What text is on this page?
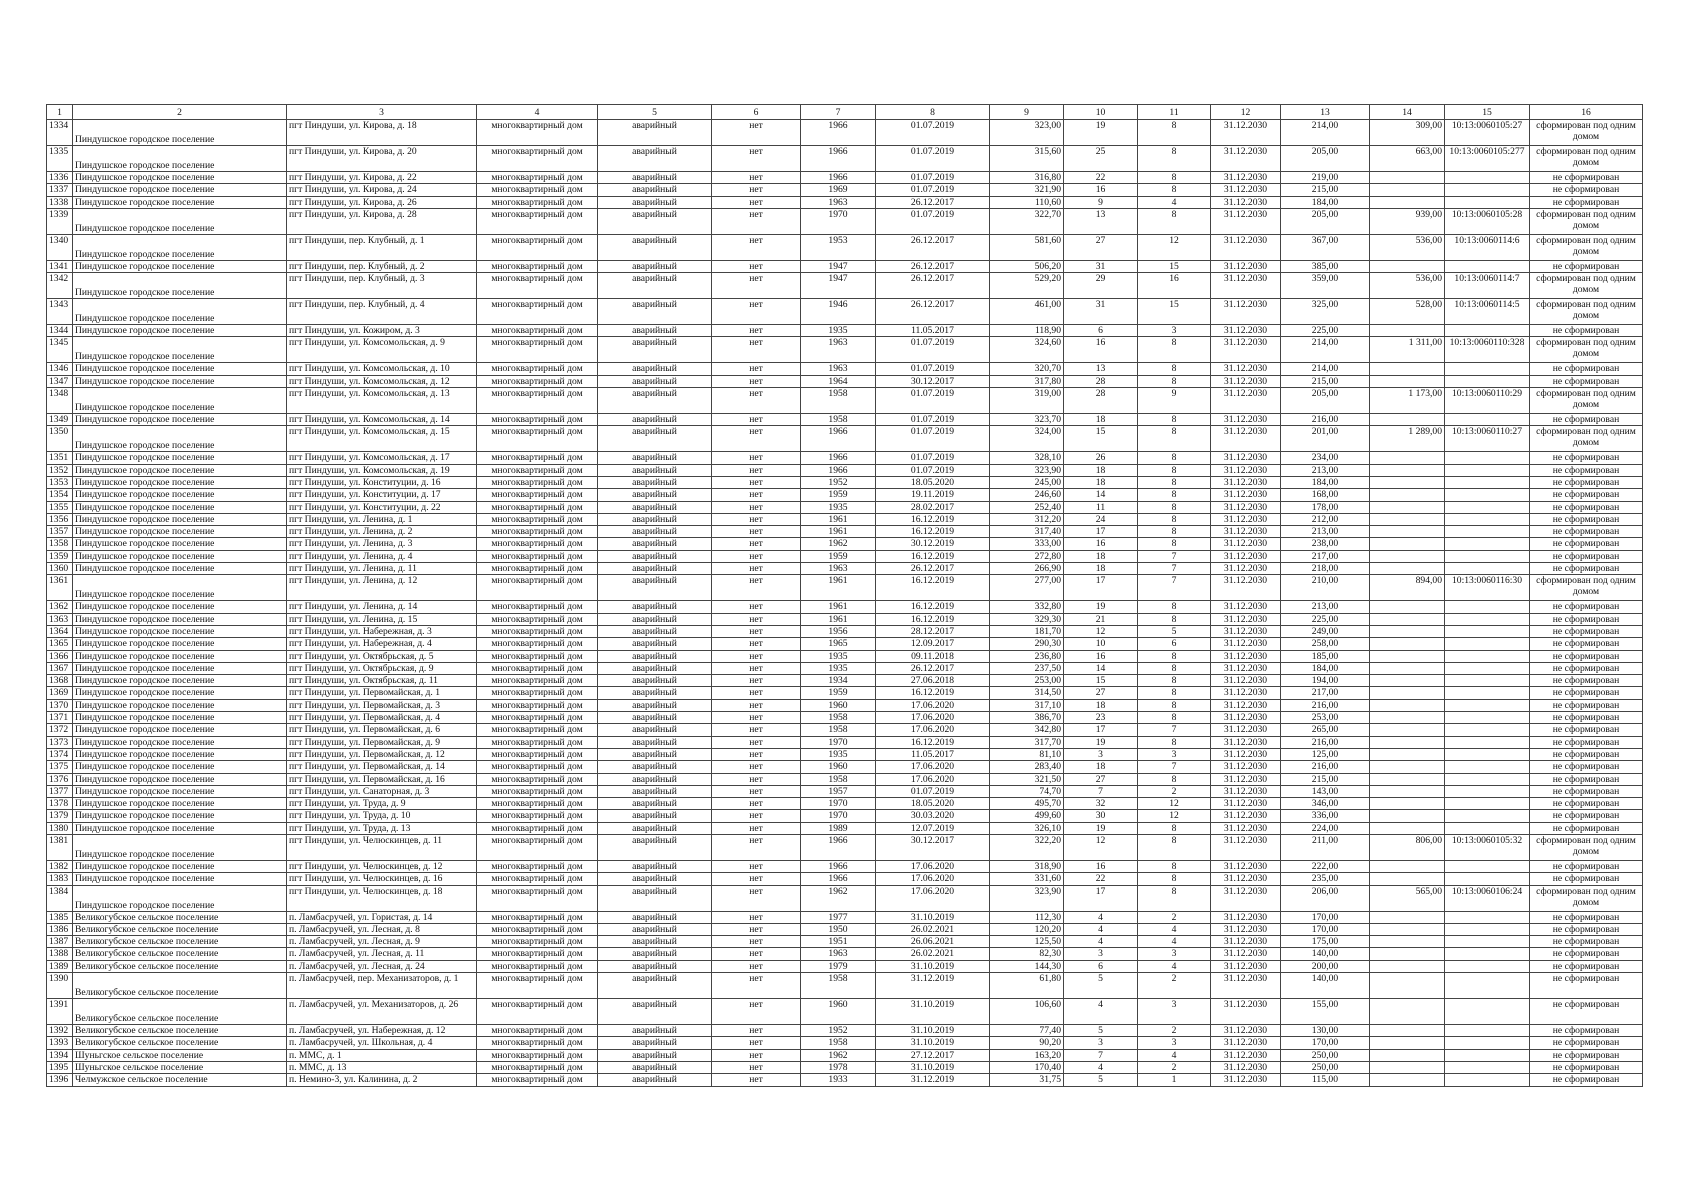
1	2	3	4	5	6	7	8	9	10	11	12	13	14	15	16
1334	Пиндушское городское поселение	пгт Пиндуши, ул. Кирова, д. 18	многоквартирный дом	аварийный	нет	1966	01.07.2019	323,00	19	8	31.12.2030	214,00	309,00	10:13:0060105:27	сформирован под одним домом
1335	Пиндушское городское поселение	пгт Пиндуши, ул. Кирова, д. 20	многоквартирный дом	аварийный	нет	1966	01.07.2019	315,60	25	8	31.12.2030	205,00	663,00	10:13:0060105:277	сформирован под одним домом
1336	Пиндушское городское поселение	пгт Пиндуши, ул. Кирова, д. 22	многоквартирный дом	аварийный	нет	1966	01.07.2019	316,80	22	8	31.12.2030	219,00			не сформирован
1337	Пиндушское городское поселение	пгт Пиндуши, ул. Кирова, д. 24	многоквартирный дом	аварийный	нет	1969	01.07.2019	321,90	16	8	31.12.2030	215,00			не сформирован
1338	Пиндушское городское поселение	пгт Пиндуши, ул. Кирова, д. 26	многоквартирный дом	аварийный	нет	1963	26.12.2017	110,60	9	4	31.12.2030	184,00			не сформирован
1339	Пиндушское городское поселение	пгт Пиндуши, ул. Кирова, д. 28	многоквартирный дом	аварийный	нет	1970	01.07.2019	322,70	13	8	31.12.2030	205,00	939,00	10:13:0060105:28	сформирован под одним домом
1340	Пиндушское городское поселение	пгт Пиндуши, пер. Клубный, д. 1	многоквартирный дом	аварийный	нет	1953	26.12.2017	581,60	27	12	31.12.2030	367,00	536,00	10:13:0060114:6	сформирован под одним домом
1341	Пиндушское городское поселение	пгт Пиндуши, пер. Клубный, д. 2	многоквартирный дом	аварийный	нет	1947	26.12.2017	506,20	31	15	31.12.2030	385,00			не сформирован
1342	Пиндушское городское поселение	пгт Пиндуши, пер. Клубный, д. 3	многоквартирный дом	аварийный	нет	1947	26.12.2017	529,20	29	16	31.12.2030	359,00	536,00	10:13:0060114:7	сформирован под одним домом
1343	Пиндушское городское поселение	пгт Пиндуши, пер. Клубный, д. 4	многоквартирный дом	аварийный	нет	1946	26.12.2017	461,00	31	15	31.12.2030	325,00	528,00	10:13:0060114:5	сформирован под одним домом
1344	Пиндушское городское поселение	пгт Пиндуши, ул. Кожиром, д. 3	многоквартирный дом	аварийный	нет	1935	11.05.2017	118,90	6	3	31.12.2030	225,00			не сформирован
1345	Пиндушское городское поселение	пгт Пиндуши, ул. Комсомольская, д. 9	многоквартирный дом	аварийный	нет	1963	01.07.2019	324,60	16	8	31.12.2030	214,00	1 311,00	10:13:0060110:328	сформирован под одним домом
1346	Пиндушское городское поселение	пгт Пиндуши, ул. Комсомольская, д. 10	многоквартирный дом	аварийный	нет	1963	01.07.2019	320,70	13	8	31.12.2030	214,00			не сформирован
1347	Пиндушское городское поселение	пгт Пиндуши, ул. Комсомольская, д. 12	многоквартирный дом	аварийный	нет	1964	30.12.2017	317,80	28	8	31.12.2030	215,00			не сформирован
1348	Пиндушское городское поселение	пгт Пиндуши, ул. Комсомольская, д. 13	многоквартирный дом	аварийный	нет	1958	01.07.2019	319,00	28	9	31.12.2030	205,00	1 173,00	10:13:0060110:29	сформирован под одним домом
1349	Пиндушское городское поселение	пгт Пиндуши, ул. Комсомольская, д. 14	многоквартирный дом	аварийный	нет	1958	01.07.2019	323,70	18	8	31.12.2030	216,00			не сформирован
1350	Пиндушское городское поселение	пгт Пиндуши, ул. Комсомольская, д. 15	многоквартирный дом	аварийный	нет	1966	01.07.2019	324,00	15	8	31.12.2030	201,00	1 289,00	10:13:0060110:27	сформирован под одним домом
1351	Пиндушское городское поселение	пгт Пиндуши, ул. Комсомольская, д. 17	многоквартирный дом	аварийный	нет	1966	01.07.2019	328,10	26	8	31.12.2030	234,00			не сформирован
1352	Пиндушское городское поселение	пгт Пиндуши, ул. Комсомольская, д. 19	многоквартирный дом	аварийный	нет	1966	01.07.2019	323,90	18	8	31.12.2030	213,00			не сформирован
1353	Пиндушское городское поселение	пгт Пиндуши, ул. Конституции, д. 16	многоквартирный дом	аварийный	нет	1952	18.05.2020	245,00	18	8	31.12.2030	184,00			не сформирован
1354	Пиндушское городское поселение	пгт Пиндуши, ул. Конституции, д. 17	многоквартирный дом	аварийный	нет	1959	19.11.2019	246,60	14	8	31.12.2030	168,00			не сформирован
1355	Пиндушское городское поселение	пгт Пиндуши, ул. Конституции, д. 22	многоквартирный дом	аварийный	нет	1935	28.02.2017	252,40	11	8	31.12.2030	178,00			не сформирован
1356	Пиндушское городское поселение	пгт Пиндуши, ул. Ленина, д. 1	многоквартирный дом	аварийный	нет	1961	16.12.2019	312,20	24	8	31.12.2030	212,00			не сформирован
1357	Пиндушское городское поселение	пгт Пиндуши, ул. Ленина, д. 2	многоквартирный дом	аварийный	нет	1961	16.12.2019	317,40	17	8	31.12.2030	213,00			не сформирован
1358	Пиндушское городское поселение	пгт Пиндуши, ул. Ленина, д. 3	многоквартирный дом	аварийный	нет	1962	30.12.2019	333,00	16	8	31.12.2030	238,00			не сформирован
1359	Пиндушское городское поселение	пгт Пиндуши, ул. Ленина, д. 4	многоквартирный дом	аварийный	нет	1959	16.12.2019	272,80	18	7	31.12.2030	217,00			не сформирован
1360	Пиндушское городское поселение	пгт Пиндуши, ул. Ленина, д. 11	многоквартирный дом	аварийный	нет	1963	26.12.2017	266,90	18	7	31.12.2030	218,00			не сформирован
1361	Пиндушское городское поселение	пгт Пиндуши, ул. Ленина, д. 12	многоквартирный дом	аварийный	нет	1961	16.12.2019	277,00	17	7	31.12.2030	210,00	894,00	10:13:0060116:30	сформирован под одним домом
1362	Пиндушское городское поселение	пгт Пиндуши, ул. Ленина, д. 14	многоквартирный дом	аварийный	нет	1961	16.12.2019	332,80	19	8	31.12.2030	213,00			не сформирован
1363	Пиндушское городское поселение	пгт Пиндуши, ул. Ленина, д. 15	многоквартирный дом	аварийный	нет	1961	16.12.2019	329,30	21	8	31.12.2030	225,00			не сформирован
1364	Пиндушское городское поселение	пгт Пиндуши, ул. Набережная, д. 3	многоквартирный дом	аварийный	нет	1956	28.12.2017	181,70	12	5	31.12.2030	249,00			не сформирован
1365	Пиндушское городское поселение	пгт Пиндуши, ул. Набережная, д. 4	многоквартирный дом	аварийный	нет	1965	12.09.2017	290,30	10	6	31.12.2030	258,00			не сформирован
1366	Пиндушское городское поселение	пгт Пиндуши, ул. Октябрьская, д. 5	многоквартирный дом	аварийный	нет	1935	09.11.2018	236,80	16	8	31.12.2030	185,00			не сформирован
1367	Пиндушское городское поселение	пгт Пиндуши, ул. Октябрьская, д. 9	многоквартирный дом	аварийный	нет	1935	26.12.2017	237,50	14	8	31.12.2030	184,00			не сформирован
1368	Пиндушское городское поселение	пгт Пиндуши, ул. Октябрьская, д. 11	многоквартирный дом	аварийный	нет	1934	27.06.2018	253,00	15	8	31.12.2030	194,00			не сформирован
1369	Пиндушское городское поселение	пгт Пиндуши, ул. Первомайская, д. 1	многоквартирный дом	аварийный	нет	1959	16.12.2019	314,50	27	8	31.12.2030	217,00			не сформирован
1370	Пиндушское городское поселение	пгт Пиндуши, ул. Первомайская, д. 3	многоквартирный дом	аварийный	нет	1960	17.06.2020	317,10	18	8	31.12.2030	216,00			не сформирован
1371	Пиндушское городское поселение	пгт Пиндуши, ул. Первомайская, д. 4	многоквартирный дом	аварийный	нет	1958	17.06.2020	386,70	23	8	31.12.2030	253,00			не сформирован
1372	Пиндушское городское поселение	пгт Пиндуши, ул. Первомайская, д. 6	многоквартирный дом	аварийный	нет	1958	17.06.2020	342,80	17	7	31.12.2030	265,00			не сформирован
1373	Пиндушское городское поселение	пгт Пиндуши, ул. Первомайская, д. 9	многоквартирный дом	аварийный	нет	1970	16.12.2019	317,70	19	8	31.12.2030	216,00			не сформирован
1374	Пиндушское городское поселение	пгт Пиндуши, ул. Первомайская, д. 12	многоквартирный дом	аварийный	нет	1935	11.05.2017	81,10	3	3	31.12.2030	125,00			не сформирован
1375	Пиндушское городское поселение	пгт Пиндуши, ул. Первомайская, д. 14	многоквартирный дом	аварийный	нет	1960	17.06.2020	283,40	18	7	31.12.2030	216,00			не сформирован
1376	Пиндушское городское поселение	пгт Пиндуши, ул. Первомайская, д. 16	многоквартирный дом	аварийный	нет	1958	17.06.2020	321,50	27	8	31.12.2030	215,00			не сформирован
1377	Пиндушское городское поселение	пгт Пиндуши, ул. Санаторная, д. 3	многоквартирный дом	аварийный	нет	1957	01.07.2019	74,70	7	2	31.12.2030	143,00			не сформирован
1378	Пиндушское городское поселение	пгт Пиндуши, ул. Труда, д. 9	многоквартирный дом	аварийный	нет	1970	18.05.2020	495,70	32	12	31.12.2030	346,00			не сформирован
1379	Пиндушское городское поселение	пгт Пиндуши, ул. Труда, д. 10	многоквартирный дом	аварийный	нет	1970	30.03.2020	499,60	30	12	31.12.2030	336,00			не сформирован
1380	Пиндушское городское поселение	пгт Пиндуши, ул. Труда, д. 13	многоквартирный дом	аварийный	нет	1989	12.07.2019	326,10	19	8	31.12.2030	224,00			не сформирован
1381	Пиндушское городское поселение	пгт Пиндуши, ул. Челюскинцев, д. 11	многоквартирный дом	аварийный	нет	1966	30.12.2017	322,20	12	8	31.12.2030	211,00	806,00	10:13:0060105:32	сформирован под одним домом
1382	Пиндушское городское поселение	пгт Пиндуши, ул. Челюскинцев, д. 12	многоквартирный дом	аварийный	нет	1966	17.06.2020	318,90	16	8	31.12.2030	222,00			не сформирован
1383	Пиндушское городское поселение	пгт Пиндуши, ул. Челюскинцев, д. 16	многоквартирный дом	аварийный	нет	1966	17.06.2020	331,60	22	8	31.12.2030	235,00			не сформирован
1384	Пиндушское городское поселение	пгт Пиндуши, ул. Челюскинцев, д. 18	многоквартирный дом	аварийный	нет	1962	17.06.2020	323,90	17	8	31.12.2030	206,00	565,00	10:13:0060106:24	сформирован под одним домом
1385	Великогубское сельское поселение	п. Ламбасручей, ул. Гористая, д. 14	многоквартирный дом	аварийный	нет	1977	31.10.2019	112,30	4	2	31.12.2030	170,00			не сформирован
1386	Великогубское сельское поселение	п. Ламбасручей, ул. Лесная, д. 8	многоквартирный дом	аварийный	нет	1950	26.02.2021	120,20	4	4	31.12.2030	170,00			не сформирован
1387	Великогубское сельское поселение	п. Ламбасручей, ул. Лесная, д. 9	многоквартирный дом	аварийный	нет	1951	26.06.2021	125,50	4	4	31.12.2030	175,00			не сформирован
1388	Великогубское сельское поселение	п. Ламбасручей, ул. Лесная, д. 11	многоквартирный дом	аварийный	нет	1963	26.02.2021	82,30	3	3	31.12.2030	140,00			не сформирован
1389	Великогубское сельское поселение	п. Ламбасручей, ул. Лесная, д. 24	многоквартирный дом	аварийный	нет	1979	31.10.2019	144,30	6	4	31.12.2030	200,00			не сформирован
1390	Великогубское сельское поселение	п. Ламбасручей, пер. Механизаторов, д. 1	многоквартирный дом	аварийный	нет	1958	31.12.2019	61,80	5	2	31.12.2030	140,00			не сформирован
1391	Великогубское сельское поселение	п. Ламбасручей, ул. Механизаторов, д. 26	многоквартирный дом	аварийный	нет	1960	31.10.2019	106,60	4	3	31.12.2030	155,00			не сформирован
1392	Великогубское сельское поселение	п. Ламбасручей, ул. Набережная, д. 12	многоквартирный дом	аварийный	нет	1952	31.10.2019	77,40	5	2	31.12.2030	130,00			не сформирован
1393	Великогубское сельское поселение	п. Ламбасручей, ул. Школьная, д. 4	многоквартирный дом	аварийный	нет	1958	31.10.2019	90,20	3	3	31.12.2030	170,00			не сформирован
1394	Шуньгское сельское поселение	п. ММС, д. 1	многоквартирный дом	аварийный	нет	1962	27.12.2017	163,20	7	4	31.12.2030	250,00			не сформирован
1395	Шуньгское сельское поселение	п. ММС, д. 13	многоквартирный дом	аварийный	нет	1978	31.10.2019	170,40	4	2	31.12.2030	250,00			не сформирован
1396	Челмужское сельское поселение	п. Немино-3, ул. Калинина, д. 2	многоквартирный дом	аварийный	нет	1933	31.12.2019	31,75	5	1	31.12.2030	115,00			не сформирован
